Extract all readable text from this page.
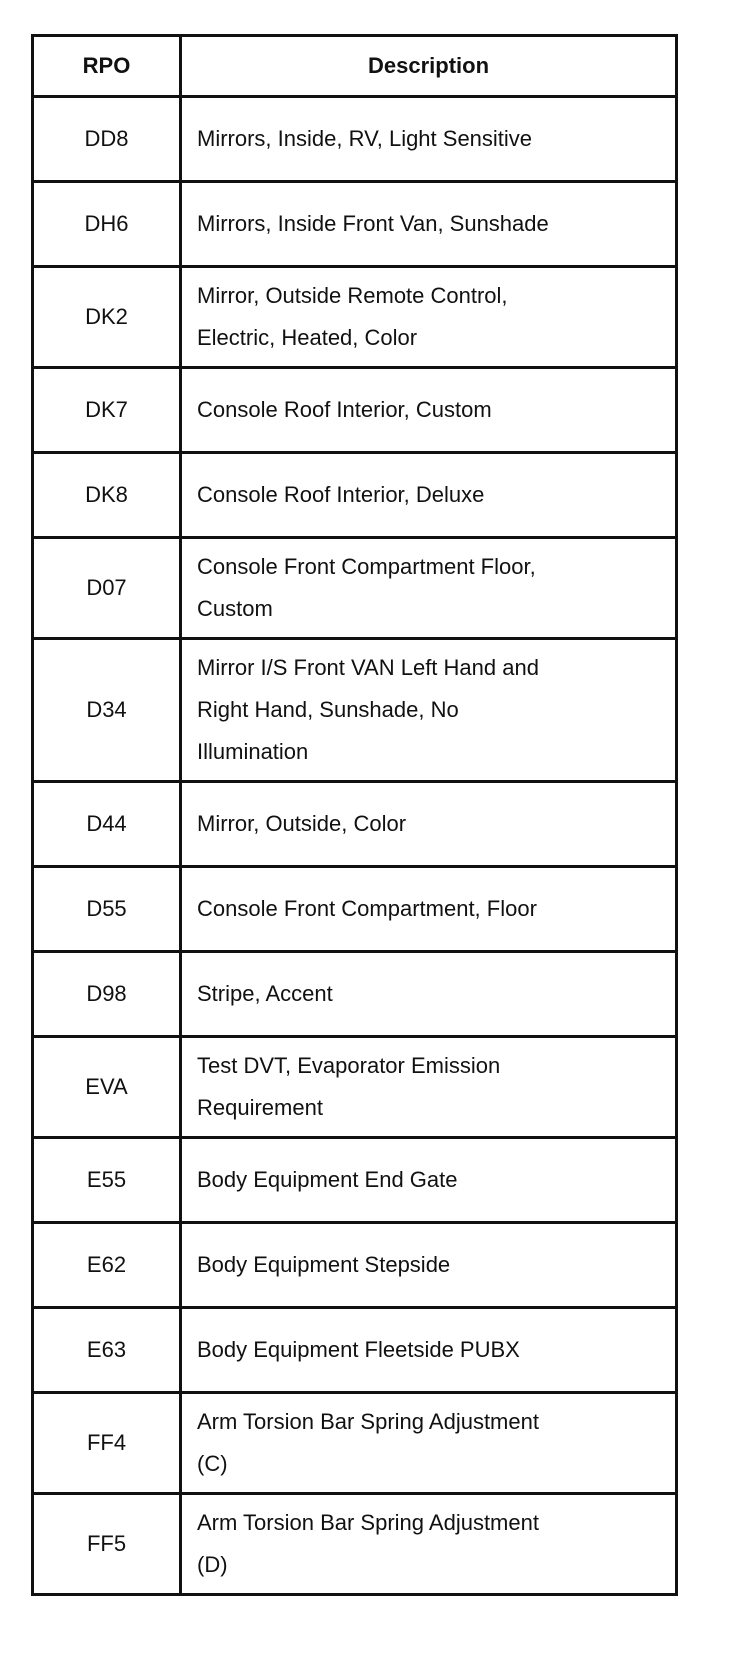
RPO	Description
DD8	Mirrors, Inside, RV, Light Sensitive
DH6	Mirrors, Inside Front Van, Sunshade
DK2	Mirror, Outside Remote Control,
Electric, Heated, Color
DK7	Console Roof Interior, Custom
DK8	Console Roof Interior, Deluxe
D07	Console Front Compartment Floor,
Custom
D34	Mirror I/S Front VAN Left Hand and
Right Hand, Sunshade, No
Illumination
D44	Mirror, Outside, Color
D55	Console Front Compartment, Floor
D98	Stripe, Accent
EVA	Test DVT, Evaporator Emission
Requirement
E55	Body Equipment End Gate
E62	Body Equipment Stepside
E63	Body Equipment Fleetside PUBX
FF4	Arm Torsion Bar Spring Adjustment
(C)
FF5	Arm Torsion Bar Spring Adjustment
(D)
